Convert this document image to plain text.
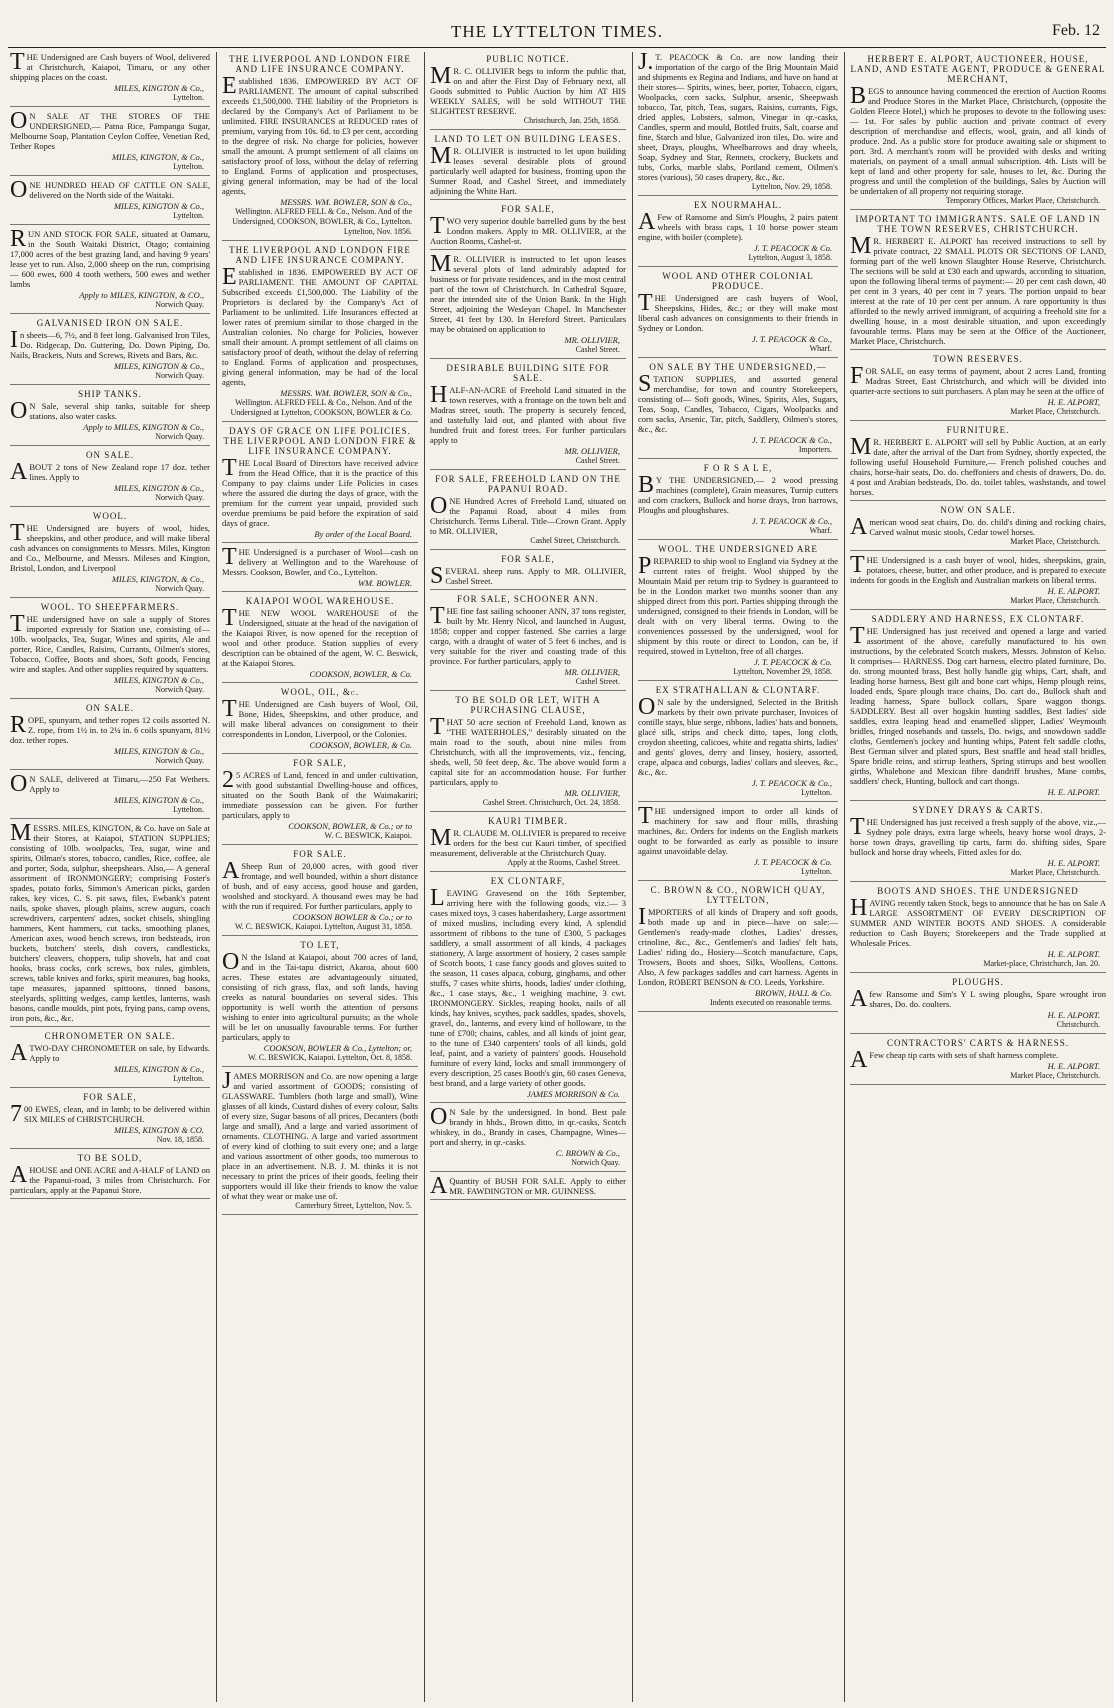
THE LYTTELTON TIMES.	Feb. 12
THE Undersigned are Cash buyers of Wool, delivered at Christchurch, Kaiapoi, Timaru, or any other shipping places on the coast.
MILES, KINGTON & Co.,
Lyttelton.
ON SALE AT THE STORES OF THE UNDERSIGNED,— Patna Rice, Pampanga Sugar, Melbourne Soap, Plantation Ceylon Coffee, Venetian Red, Tether Ropes
MILES, KINGTON, & Co.,
Lyttelton.
ONE HUNDRED HEAD OF CATTLE ON SALE, delivered on the North side of the Waitaki.
MILES, KINGTON & Co.,
Lyttelton.
RUN AND STOCK FOR SALE, situated at Oamaru, in the South Waitaki District, Otago; containing 17,000 acres of the best grazing land, and having 9 years' lease yet to run. Also, 2,000 sheep on the run, comprising— 600 ewes, 600 4 tooth wethers, 500 ewes and wether lambs
Apply to MILES, KINGTON, & CO.,
Norwich Quay.
GALVANISED IRON ON SALE.
In sheets—6, 7½, and 8 feet long. Galvanised Iron Tiles, Do. Ridgecap, Do. Guttering, Do. Down Piping, Do. Nails, Brackets, Nuts and Screws, Rivets and Bars, &c.
MILES, KINGTON & Co.,
Norwich Quay.
SHIP TANKS.
ON Sale, several ship tanks, suitable for sheep stations, also water casks.
Apply to MILES, KINGTON & Co.,
Norwich Quay.
ON SALE.
ABOUT 2 tons of New Zealand rope 17 doz. tether lines. Apply to
MILES, KINGTON & Co.,
Norwich Quay.
WOOL.
THE Undersigned are buyers of wool, hides, sheepskins, and other produce, and will make liberal cash advances on consignments to Messrs. Miles, Kington and Co., Melbourne, and Messrs. Mileses and Kington, Bristol, London, and Liverpool
MILES, KINGTON, & Co.,
Norwich Quay.
WOOL. TO SHEEPFARMERS.
THE undersigned have on sale a supply of Stores imported expressly for Station use, consisting of— 10lb. woolpacks, Tea, Sugar, Wines and spirits, Ale and porter, Rice, Candles, Raisins, Currants, Oilmen's stores, Tobacco, Coffee, Boots and shoes, Soft goods, Fencing wire and staples. And other supplies required by squatters.
MILES, KINGTON & Co.,
Norwich Quay.
ON SALE.
ROPE, spunyarn, and tether ropes 12 coils assorted N. Z. rope, from 1½ in. to 2¼ in. 6 coils spunyarn, 81½ doz. tether ropes.
MILES, KINGTON & Co.,
Norwich Quay.
ON SALE, delivered at Timaru,—250 Fat Wethers. Apply to
MILES, KINGTON & Co.,
Lyttelton.
MESSRS. MILES, KINGTON, & Co. have on Sale at their Stores, at Kaiapoi, STATION SUPPLIES; consisting of 10lb. woolpacks, Tea, sugar, wine and spirits, Oilman's stores, tobacco, candles, Rice, coffee, ale and porter, Soda, sulphur, sheepshears. Also,— A general assortment of IRONMONGERY; comprising Foster's spades, potato forks, Simmon's American picks, garden rakes, key vices, C. S. pit saws, files, Ewbank's patent nails, spoke shaves, plough plains, screw augurs, coach screwdrivers, carpenters' adzes, socket chisels, shingling hammers, Kent hammers, cut tacks, smoothing planes, American axes, wood bench screws, iron bedsteads, iron buckets, butchers' steels, dish covers, candlesticks, butchers' cleavers, choppers, tulip shovels, hat and coat hooks, brass cocks, cork screws, box rules, gimblets, screws, table knives and forks, spirit measures, bag hooks, tape measures, japanned spittoons, tinned basons, steelyards, splitting wedges, camp kettles, lanterns, wash basons, candle moulds, pint pots, frying pans, camp ovens, iron pots, &c., &c.
CHRONOMETER ON SALE.
ATWO-DAY CHRONOMETER on sale, by Edwards. Apply to
MILES, KINGTON & Co.,
Lyttelton.
FOR SALE,
700 EWES, clean, and in lamb; to be delivered within SIX MILES of CHRISTCHURCH.
MILES, KINGTON & CO.
Nov. 18, 1858.
TO BE SOLD,
AHOUSE and ONE ACRE and A-HALF of LAND on the Papanui-road, 3 miles from Christchurch. For particulars, apply at the Papanui Store.
THE LIVERPOOL AND LONDON FIRE AND LIFE INSURANCE COMPANY.
Established 1836. EMPOWERED BY ACT OF PARLIAMENT. The amount of capital subscribed exceeds £1,500,000. THE liability of the Proprietors is declared by the Company's Act of Parliament to be unlimited. FIRE INSURANCES at REDUCED rates of premium, varying from 10s. 6d. to £3 per cent, according to the degree of risk. No charge for policies, however small the amount. A prompt settlement of all claims on satisfactory proof of loss, without the delay of referring to England. Forms of application and prospectuses, giving general information, may be had of the local agents,
MESSRS. WM. BOWLER, SON & Co.,
Wellington. ALFRED FELL & Co., Nelson. And of the Undersigned, COOKSON, BOWLER, & Co., Lyttelton. Lyttelton, Nov. 1856.
THE LIVERPOOL AND LONDON FIRE AND LIFE INSURANCE COMPANY.
Established in 1836. EMPOWERED BY ACT OF PARLIAMENT. THE AMOUNT OF CAPITAL Subscribed exceeds £1,500,000. The Liability of the Proprietors is declared by the Company's Act of Parliament to be unlimited. Life Insurances effected at lower rates of premium similar to those charged in the Australian colonies. No charge for Policies, however small their amount. A prompt settlement of all claims on satisfactory proof of death, without the delay of referring to England. Forms of application and prospectuses, giving general information, may be had of the local agents,
MESSRS. WM. BOWLER, SON & Co.,
Wellington. ALFRED FELL & Co., Nelson. And of the Undersigned at Lyttelton, COOKSON, BOWLER & Co.
DAYS OF GRACE ON LIFE POLICIES. THE LIVERPOOL AND LONDON FIRE & LIFE INSURANCE COMPANY.
THE Local Board of Directors have received advice from the Head Office, that it is the practice of this Company to pay claims under Life Policies in cases where the assured die during the days of grace, with the premium for the current year unpaid, provided such overdue premiums be paid before the expiration of said days of grace.
By order of the Local Board.
THE Undersigned is a purchaser of Wool—cash on delivery at Wellington and to the Warehouse of Messrs. Cookson, Bowler, and Co., Lyttelton.
WM. BOWLER.
KAIAPOI WOOL WAREHOUSE.
THE NEW WOOL WAREHOUSE of the Undersigned, situate at the head of the navigation of the Kaiapoi River, is now opened for the reception of wool and other produce. Station supplies of every description can be obtained of the agent, W. C. Beswick, at the Kaiapoi Stores.
COOKSON, BOWLER, & Co.
WOOL, OIL, &c.
THE Undersigned are Cash buyers of Wool, Oil, Bone, Hides, Sheepskins, and other produce, and will make liberal advances on consignment to their correspondents in London, Liverpool, or the Colonies.
COOKSON, BOWLER, & Co.
FOR SALE,
25 ACRES of Land, fenced in and under cultivation, with good substantial Dwelling-house and offices, situated on the South Bank of the Waimakariri; immediate possession can be given. For further particulars, apply to
COOKSON, BOWLER, & Co.; or to
W. C. BESWICK, Kaiapoi.
FOR SALE.
ASheep Run of 20,000 acres, with good river frontage, and well bounded, within a short distance of bush, and of easy access, good house and garden, woolshed and stockyard. A thousand ewes may be had with the run if required. For further particulars, apply to
COOKSON BOWLER & Co.; or to
W. C. BESWICK, Kaiapoi. Lyttelton, August 31, 1858.
TO LET,
ON the Island at Kaiapoi, about 700 acres of land, and in the Tai-tapu district, Akaroa, about 600 acres. These estates are advantageously situated, consisting of rich grass, flax, and soft lands, having creeks as natural boundaries on several sides. This opportunity is well worth the attention of persons wishing to enter into agricultural pursuits; as the whole will be let on unusually favourable terms. For further particulars, apply to
COOKSON, BOWLER & Co., Lyttelton; or,
W. C. BESWICK, Kaiapoi. Lyttelton, Oct. 8, 1858.
JAMES MORRISON and Co. are now opening a large and varied assortment of GOODS; consisting of GLASSWARE. Tumblers (both large and small), Wine glasses of all kinds, Custard dishes of every colour, Salts of every size, Sugar basons of all prices, Decanters (both large and small), And a large and varied assortment of ornaments. CLOTHING. A large and varied assortment of every kind of clothing to suit every one; and a large and various assortment of other goods, too numerous to place in an advertisement. N.B. J. M. thinks it is not necessary to print the prices of their goods, feeling their supporters would ill like their friends to know the value of what they wear or make use of.
Canterbury Street, Lyttelton, Nov. 5.
PUBLIC NOTICE.
MR. C. OLLIVIER begs to inform the public that, on and after the First Day of February next, all Goods submitted to Public Auction by him AT HIS WEEKLY SALES, will be sold WITHOUT THE SLIGHTEST RESERVE.
Christchurch, Jan. 25th, 1858.
LAND TO LET ON BUILDING LEASES.
MR. OLLIVIER is instructed to let upon building leases several desirable plots of ground particularly well adapted for business, fronting upon the Sumner Road, and Cashel Street, and immediately adjoining the White Hart.
FOR SALE,
TWO very superior double barrelled guns by the best London makers. Apply to MR. OLLIVIER, at the Auction Rooms, Cashel-st.
MR. OLLIVIER is instructed to let upon leases several plots of land admirably adapted for business or for private residences, and in the most central part of the town of Christchurch. In Cathedral Square, near the intended site of the Union Bank. In the High Street, adjoining the Wesleyan Chapel. In Manchester Street, 41 feet by 130. In Hereford Street. Particulars may be obtained on application to
MR. OLLIVIER,
Cashel Street.
DESIRABLE BUILDING SITE FOR SALE.
HALF-AN-ACRE of Freehold Land situated in the town reserves, with a frontage on the town belt and Madras street, south. The property is securely fenced, and tastefully laid out, and planted with about five hundred fruit and forest trees. For further particulars apply to
MR. OLLIVIER,
Cashel Street.
FOR SALE, FREEHOLD LAND ON THE PAPANUI ROAD.
ONE Hundred Acres of Freehold Land, situated on the Papanui Road, about 4 miles from Christchurch. Terms Liberal. Title—Crown Grant. Apply to MR. OLLIVIER,
Cashel Street, Christchurch.
FOR SALE,
SEVERAL sheep runs. Apply to MR. OLLIVIER, Cashel Street.
FOR SALE, SCHOONER ANN.
THE fine fast sailing schooner ANN, 37 tons register, built by Mr. Henry Nicol, and launched in August, 1858; copper and copper fastened. She carries a large cargo, with a draught of water of 5 feet 6 inches, and is very suitable for the river and coasting trade of this province. For further particulars, apply to
MR. OLLIVIER,
Cashel Street.
TO BE SOLD OR LET, WITH A PURCHASING CLAUSE,
THAT 50 acre section of Freehold Land, known as "THE WATERHOLES," desirably situated on the main road to the south, about nine miles from Christchurch, with all the improvements, viz., fencing, sheds, well, 50 feet deep, &c. The above would form a capital site for an accommodation house. For further particulars, apply to
MR. OLLIVIER,
Cashel Street. Christchurch, Oct. 24, 1858.
KAURI TIMBER.
MR. CLAUDE M. OLLIVIER is prepared to receive orders for the best cut Kauri timber, of specified measurement, deliverable at the Christchurch Quay.
Apply at the Rooms, Cashel Street.
EX CLONTARF,
LEAVING Gravesend on the 16th September, arriving here with the following goods, viz.:— 3 cases mixed toys, 3 cases haberdashery, Large assortment of mixed muslins, including every kind, A splendid assortment of ribbons to the tune of £300, 5 packages saddlery, a small assortment of all kinds, 4 packages stationery, A large assortment of hosiery, 2 cases sample of Scotch boots, 1 case fancy goods and gloves suited to the season, 11 cases alpaca, coburg, ginghams, and other stuffs, 7 cases white shirts, hoods, ladies' under clothing, &c., 1 case stays, &c., 1 weighing machine, 3 cwt. IRONMONGERY. Sickles, reaping hooks, nails of all kinds, hay knives, scythes, pack saddles, spades, shovels, gravel, do., lanterns, and every kind of holloware, to the tune of £700; chains, cables, and all kinds of joint gear, to the tune of £340 carpenters' tools of all kinds, gold leaf, paint, and a variety of painters' goods. Household furniture of every kind, locks and small ironmongery of every description, 25 cases Booth's gin, 60 cases Geneva, best brand, and a large variety of other goods.
JAMES MORRISON & Co.
ON Sale by the undersigned. In bond. Best pale brandy in hhds., Brown ditto, in qr.-casks, Scotch whiskey, in do., Brandy in cases, Champagne, Wines—port and sherry, in qr.-casks.
C. BROWN & Co.,
Norwich Quay.
AQuantity of BUSH FOR SALE. Apply to either MR. FAWDINGTON or MR. GUINNESS.
J.T. PEACOCK & Co. are now landing their importation of the cargo of the Brig Mountain Maid and shipments ex Regina and Indians, and have on hand at their stores— Spirits, wines, beer, porter, Tobacco, cigars, Woolpacks, corn sacks, Sulphur, arsenic, Sheepwash tobacco, Tar, pitch, Teas, sugars, Raisins, currants, Figs, dried apples, Lobsters, salmon, Vinegar in qr.-casks, Candles, sperm and mould, Bottled fruits, Salt, coarse and fine, Starch and blue, Galvanized iron tiles, Do. wire and sheet, Drays, ploughs, Wheelbarrows and dray wheels, Soap, Sydney and Star, Rennets, crockery, Buckets and tubs, Corks, marble slabs, Portland cement, Oilmen's stores (various), 50 cases drapery, &c., &c.
Lyttelton, Nov. 29, 1858.
EX NOURMAHAL.
AFew of Ransome and Sim's Ploughs, 2 pairs patent wheels with brass caps, 1 10 horse power steam engine, with boiler (complete).
J. T. PEACOCK & Co.
Lyttelton, August 3, 1858.
WOOL AND OTHER COLONIAL PRODUCE.
THE Undersigned are cash buyers of Wool, Sheepskins, Hides, &c.; or they will make most liberal cash advances on consignments to their friends in Sydney or London.
J. T. PEACOCK & Co.,
Wharf.
ON SALE BY THE UNDERSIGNED,—
STATION SUPPLIES, and assorted general merchandise, for town and country Storekeepers, consisting of— Soft goods, Wines, Spirits, Ales, Sugars, Teas, Soap, Candles, Tobacco, Cigars, Woolpacks and corn sacks, Arsenic, Tar, pitch, Saddlery, Oilmen's stores, &c., &c.
J. T. PEACOCK & Co.,
Importers.
F O R S A L E,
BY THE UNDERSIGNED,— 2 wood pressing machines (complete), Grain measures, Turnip cutters and corn crackers, Bullock and horse drays, Iron harrows, Ploughs and ploughshares.
J. T. PEACOCK & Co.,
Wharf.
WOOL. THE UNDERSIGNED ARE
PREPARED to ship wool to England via Sydney at the current rates of freight. Wool shipped by the Mountain Maid per return trip to Sydney is guaranteed to be in the London market two months sooner than any shipped direct from this port. Parties shipping through the undersigned, consigned to their friends in London, will be dealt with on very liberal terms. Owing to the conveniences possessed by the undersigned, wool for shipment by this route or direct to London, can be, if required, stowed in Lyttelton, free of all charges.
J. T. PEACOCK & Co.
Lyttelton, November 29, 1858.
EX STRATHALLAN & CLONTARF.
ON sale by the undersigned, Selected in the British markets by their own private purchaser, Invoices of contille stays, blue serge, ribbons, ladies' hats and bonnets, glacé silk, strips and check ditto, tapes, long cloth, croydon sheeting, calicoes, white and regatta shirts, ladies' and gents' gloves, derry and linsey, hosiery, assorted, crape, alpaca and coburgs, ladies' collars and sleeves, &c., &c., &c.
J. T. PEACOCK & Co.,
Lyttelton.
THE undersigned import to order all kinds of machinery for saw and flour mills, thrashing machines, &c. Orders for indents on the English markets ought to be forwarded as early as possible to insure against unavoidable delay.
J. T. PEACOCK & Co.
Lyttelton.
C. BROWN & CO., NORWICH QUAY, LYTTELTON,
IMPORTERS of all kinds of Drapery and soft goods, both made up and in piece—have on sale:— Gentlemen's ready-made clothes, Ladies' dresses, crinoline, &c., &c., Gentlemen's and ladies' felt hats, Ladies' riding do., Hosiery—Scotch manufacture, Caps, Trowsers, Boots and shoes, Silks, Woollens, Cottons. Also, A few packages saddles and cart harness. Agents in London, ROBERT BENSON & CO. Leeds, Yorkshire.
BROWN, HALL & Co.
Indents executed on reasonable terms.
HERBERT E. ALPORT, AUCTIONEER, HOUSE, LAND, AND ESTATE AGENT, PRODUCE & GENERAL MERCHANT,
BEGS to announce having commenced the erection of Auction Rooms and Produce Stores in the Market Place, Christchurch, (opposite the Golden Fleece Hotel,) which he proposes to devote to the following uses:— 1st. For sales by public auction and private contract of every description of merchandise and effects, wool, grain, and all kinds of produce. 2nd. As a public store for produce awaiting sale or shipment to port. 3rd. A merchant's room will be provided with desks and writing materials, on payment of a small annual subscription. 4th. Lists will be kept of land and other property for sale, houses to let, &c. During the progress and until the completion of the buildings, Sales by Auction will be undertaken of all property not requiring storage.
Temporary Offices, Market Place, Christchurch.
IMPORTANT TO IMMIGRANTS. SALE OF LAND IN THE TOWN RESERVES, CHRISTCHURCH.
MR. HERBERT E. ALPORT has received instructions to sell by private contract, 22 SMALL PLOTS OR SECTIONS OF LAND, forming part of the well known Slaughter House Reserve, Christchurch. The sections will be sold at £30 each and upwards, according to situation, upon the following liberal terms of payment:— 20 per cent cash down, 40 per cent in 3 years, 40 per cent in 7 years. The portion unpaid to bear interest at the rate of 10 per cent per annum. A rare opportunity is thus afforded to the newly arrived immigrant, of acquiring a freehold site for a dwelling house, in a most desirable situation, and upon exceedingly favourable terms. Plans may be seen at the Office of the Auctioneer, Market Place, Christchurch.
TOWN RESERVES.
FOR SALE, on easy terms of payment, about 2 acres Land, fronting Madras Street, East Christchurch, and which will be divided into quarter-acre sections to suit purchasers. A plan may be seen at the office of
H. E. ALPORT,
Market Place, Christchurch.
FURNITURE.
MR. HERBERT E. ALPORT will sell by Public Auction, at an early date, after the arrival of the Dart from Sydney, shortly expected, the following useful Household Furniture,— French polished couches and chairs, horse-hair seats, Do. do. cheffoniers and chests of drawers, Do. do. 4 post and Arabian bedsteads, Do. do. toilet tables, washstands, and towel horses.
NOW ON SALE.
American wood seat chairs, Do. do. child's dining and rocking chairs, Carved walnut music stools, Cedar towel horses.
Market Place, Christchurch.
THE Undersigned is a cash buyer of wool, hides, sheepskins, grain, potatoes, cheese, butter, and other produce, and is prepared to execute indents for goods in the English and Australian markets on liberal terms.
H. E. ALPORT.
Market Place, Christchurch.
SADDLERY AND HARNESS, EX CLONTARF.
THE Undersigned has just received and opened a large and varied assortment of the above, carefully manufactured to his own instructions, by the celebrated Scotch makers, Messrs. Johnston of Kelso. It comprises— HARNESS. Dog cart harness, electro plated furniture, Do. do. strong mounted brass, Best holly handle gig whips, Cart, shaft, and leading horse harness, Best gilt and bone cart whips, Hemp plough reins, loaded ends, Spare plough trace chains, Do. cart do., Bullock shaft and leading harness, Spare bullock collars, Spare waggon thongs. SADDLERY. Best all over hogskin hunting saddles, Best ladies' side saddles, extra leaping head and enamelled slipper, Ladies' Weymouth bridles, fringed nosebands and tassels, Do. twigs, and snowdown saddle cloths, Gentlemen's jockey and hunting whips, Patent felt saddle cloths, Best German silver and plated spurs, Best snaffle and head stall bridles, Spare bridle reins, and stirrup leathers, Spring stirrups and best woollen girths, Whalebone and Mexican fibre dandriff brushes, Mane combs, saddlers' check, Hunting, bullock and cart thongs.
H. E. ALPORT.
SYDNEY DRAYS & CARTS.
THE Undersigned has just received a fresh supply of the above, viz.,— Sydney pole drays, extra large wheels, heavy horse wool drays, 2-horse town drays, gravelling tip carts, farm do. shifting sides, Spare bullock and horse dray wheels, Fitted axles for do.
H. E. ALPORT.
Market Place, Christchurch.
BOOTS AND SHOES. THE UNDERSIGNED
HAVING recently taken Stock, begs to announce that he has on Sale A LARGE ASSORTMENT OF EVERY DESCRIPTION OF SUMMER AND WINTER BOOTS AND SHOES. A considerable reduction to Cash Buyers; Storekeepers and the Trade supplied at Wholesale Prices.
H. E. ALPORT.
Market-place, Christchurch, Jan. 20.
PLOUGHS.
Afew Ransome and Sim's Y L swing ploughs, Spare wrought iron shares, Do. do. coulters.
H. E. ALPORT.
Christchurch.
CONTRACTORS' CARTS & HARNESS.
AFew cheap tip carts with sets of shaft harness complete.
H. E. ALPORT.
Market Place, Christchurch.
